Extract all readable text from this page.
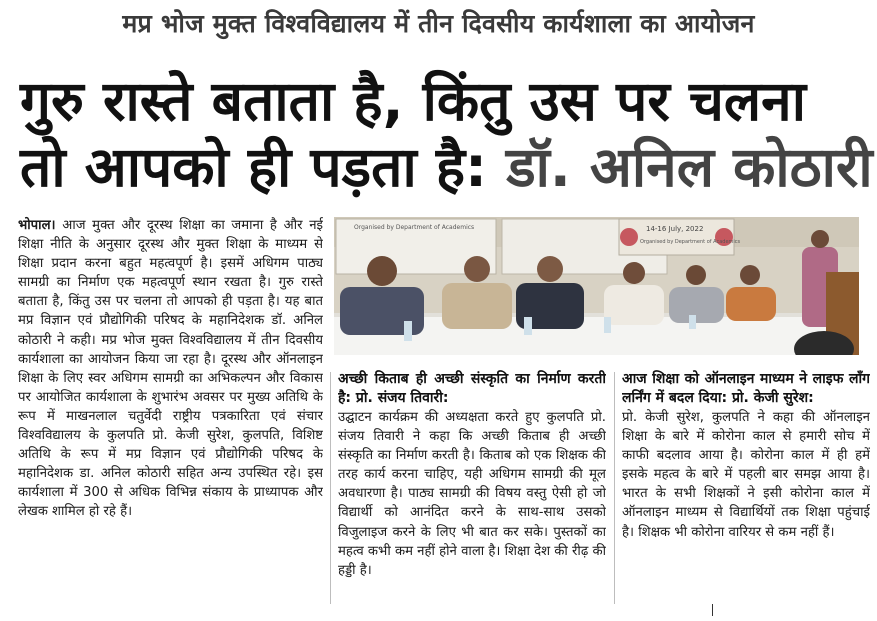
मप्र भोज मुक्त विश्वविद्यालय में तीन दिवसीय कार्यशाला का आयोजन
गुरु रास्ते बताता है, किंतु उस पर चलना
तो आपको ही पड़ता है: डॉ. अनिल कोठारी
Organised by Department of Academics	14-16 July, 2022
Organised by Department of Academics

भोपाल। आज मुक्त और दूरस्थ शिक्षा का जमाना है और नई शिक्षा नीति के अनुसार दूरस्थ और मुक्त शिक्षा के माध्यम से शिक्षा प्रदान करना बहुत महत्वपूर्ण है। इसमें अधिगम पाठ्य सामग्री का निर्माण एक महत्वपूर्ण स्थान रखता है। गुरु रास्ते बताता है, किंतु उस पर चलना तो आपको ही पड़ता है। यह बात मप्र विज्ञान एवं प्रौद्योगिकी परिषद के महानिदेशक डॉ. अनिल कोठारी ने कही। मप्र भोज मुक्त विश्वविद्यालय में तीन दिवसीय कार्यशाला का आयोजन किया जा रहा है। दूरस्थ और ऑनलाइन शिक्षा के लिए स्वर अधिगम सामग्री का अभिकल्पन और विकास पर आयोजित कार्यशाला के शुभारंभ अवसर पर मुख्य अतिथि के रूप में माखनलाल चतुर्वेदी राष्ट्रीय पत्रकारिता एवं संचार विश्वविद्यालय के कुलपति प्रो. केजी सुरेश, कुलपति, विशिष्ट अतिथि के रूप में मप्र विज्ञान एवं प्रौद्योगिकी परिषद के महानिदेशक डा. अनिल कोठारी सहित अन्य उपस्थित रहे। इस कार्यशाला में 300 से अधिक विभिन्न संकाय के प्राध्यापक और लेखक शामिल हो रहे हैं।

अच्छी किताब ही अच्छी संस्कृति का निर्माण करती है: प्रो. संजय तिवारी:

उद्घाटन कार्यक्रम की अध्यक्षता करते हुए कुलपति प्रो. संजय तिवारी ने कहा कि अच्छी किताब ही अच्छी संस्कृति का निर्माण करती है। किताब को एक शिक्षक की तरह कार्य करना चाहिए, यही अधिगम सामग्री की मूल अवधारणा है। पाठ्य सामग्री की विषय वस्तु ऐसी हो जो विद्यार्थी को आनंदित करने के साथ-साथ उसको विजुलाइज करने के लिए भी बात कर सके। पुस्तकों का महत्व कभी कम नहीं होने वाला है। शिक्षा देश की रीढ़ की हड्डी है।

आज शिक्षा को ऑनलाइन माध्यम ने लाइफ लॉंग लर्निंग में बदल दिया: प्रो. केजी सुरेश:

प्रो. केजी सुरेश, कुलपति ने कहा की ऑनलाइन शिक्षा के बारे में कोरोना काल से हमारी सोच में काफी बदलाव आया है। कोरोना काल में ही हमें इसके महत्व के बारे में पहली बार समझ आया है। भारत के सभी शिक्षकों ने इसी कोरोना काल में ऑनलाइन माध्यम से विद्यार्थियों तक शिक्षा पहुंचाई है। शिक्षक भी कोरोना वारियर से कम नहीं हैं।
